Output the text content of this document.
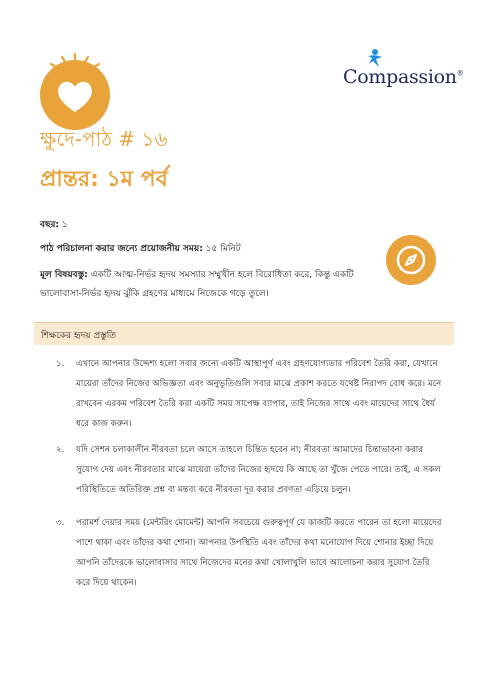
Compassion®
ক্ষুদে-পাঠ # ১৬
প্রান্তর: ১ম পর্ব
বছর: ১
পাঠ পরিচালনা করার জন্যে প্রয়োজনীয় সময়: ১৫ মিনিট
মূল বিষয়বস্তু: একটি আত্ম-নির্ভর হৃদয় সমস্যার সম্মুখীন হলে বিরোধিতা করে, কিন্তু একটি ভালোবাসা-নির্ভর হৃদয় ঝুঁকি গ্রহণের মাধ্যমে নিজেকে গড়ে তুলে।
শিক্ষকের হৃদয় প্রস্তুতি
১. এখানে আপনার উদ্দেশ্য হলো সবার জন্যে একটি আস্থাপূর্ণ এবং গ্রহণযোগ্যতার পরিবেশ তৈরি করা, যেখানে মায়েরা তাঁদের নিজের অভিজ্ঞতা এবং অনুভূতিগুলি সবার মাঝে প্রকাশ করতে যথেষ্ট নিরাপদ বোধ করে। মনে রাখবেন এরকম পরিবেশ তৈরি করা একটি সময় সাপেক্ষ ব্যাপার, তাই নিজের সাথে এবং মায়েদের সাথে ধৈর্য ধরে কাজ করুন।
২. যদি সেশন চলাকালীন নীরবতা চলে আসে তাহলে চিন্তিত হবেন না; নীরবতা আমাদের চিন্তাভাবনা করার সুযোগ দেয় এবং নীরবতার মাঝে মায়েরা তাঁদের নিজের হৃদয়ে কি আছে তা খুঁজে পেতে পারে। তাই, এ সকল পরিস্থিতিতে অতিরিক্ত প্রশ্ন বা মন্তব্য করে নীরবতা দূর করার প্রবণতা এড়িয়ে চলুন।
৩. পরামর্শ দেয়ার সময় (মেন্টরিং মোমেন্ট) আপনি সবচেয়ে গুরুত্বপূর্ণ যে কাজটি করতে পারেন তা হলো মায়েদের পাশে থাকা এবং তাঁদের কথা শোনা। আপনার উপস্থিতি এবং তাঁদের কথা মনোযোগ দিয়ে শোনার ইচ্ছা দিয়ে আপনি তাঁদেরকে ভালোবাসার সাথে নিজেদের মনের কথা খোলাখুলি ভাবে আলোচনা করার সুযোগ তৈরি করে দিয়ে থাকেন।
